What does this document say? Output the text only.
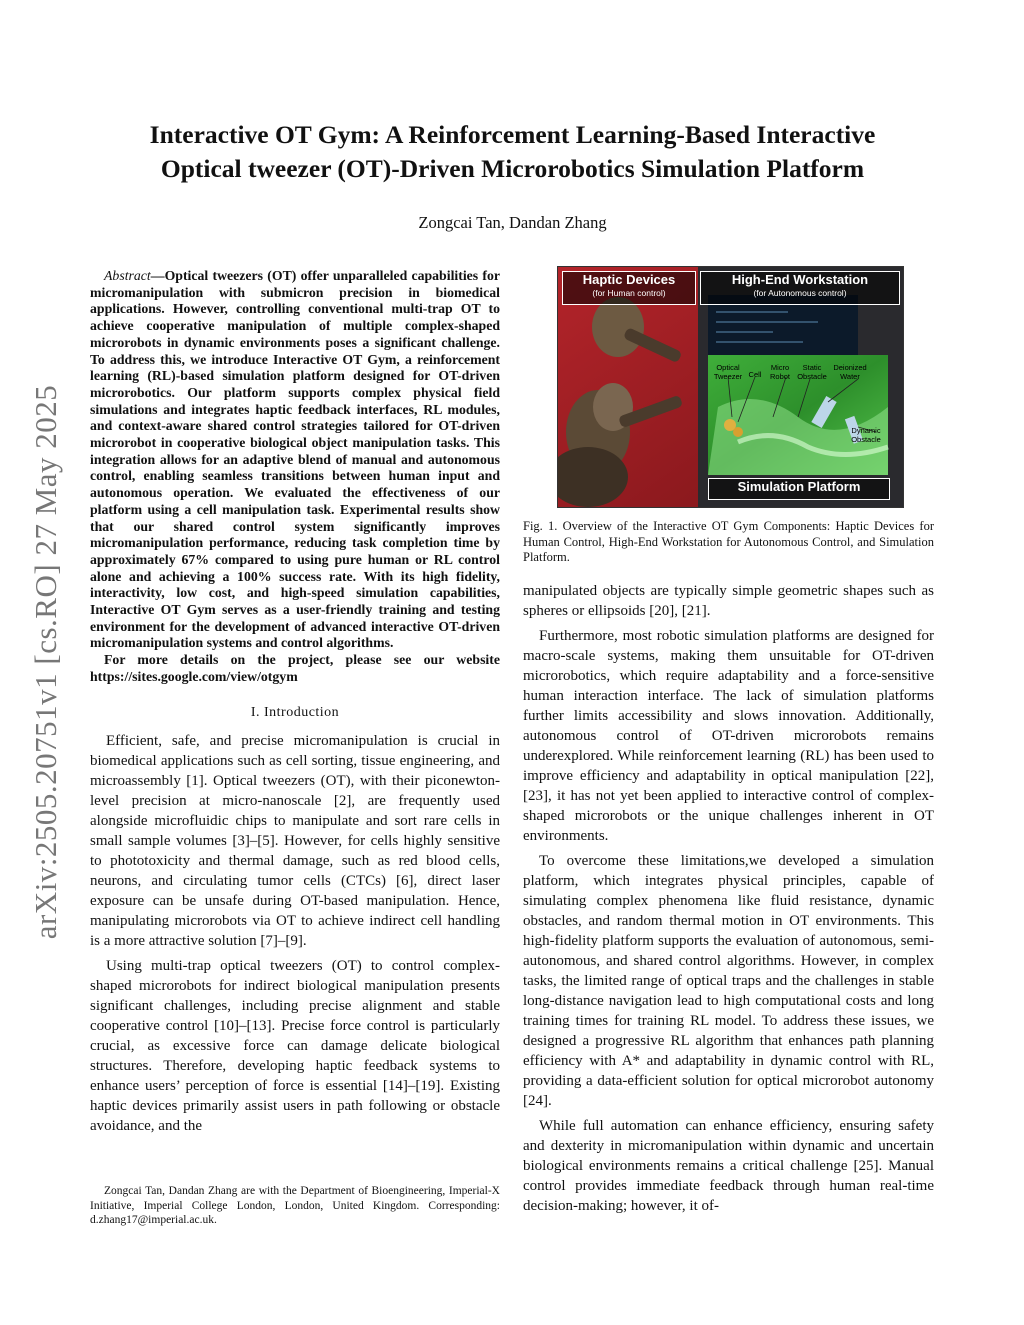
arXiv:2505.20751v1 [cs.RO] 27 May 2025
Interactive OT Gym: A Reinforcement Learning-Based Interactive
Optical tweezer (OT)-Driven Microrobotics Simulation Platform
Zongcai Tan, Dandan Zhang

Abstract—Optical tweezers (OT) offer unparalleled capabilities for micromanipulation with submicron precision in biomedical applications. However, controlling conventional multi-trap OT to achieve cooperative manipulation of multiple complex-shaped microrobots in dynamic environments poses a significant challenge. To address this, we introduce Interactive OT Gym, a reinforcement learning (RL)-based simulation platform designed for OT-driven microrobotics. Our platform supports complex physical field simulations and integrates haptic feedback interfaces, RL modules, and context-aware shared control strategies tailored for OT-driven microrobot in cooperative biological object manipulation tasks. This integration allows for an adaptive blend of manual and autonomous control, enabling seamless transitions between human input and autonomous operation. We evaluated the effectiveness of our platform using a cell manipulation task. Experimental results show that our shared control system significantly improves micromanipulation performance, reducing task completion time by approximately 67% compared to using pure human or RL control alone and achieving a 100% success rate. With its high fidelity, interactivity, low cost, and high-speed simulation capabilities, Interactive OT Gym serves as a user-friendly training and testing environment for the development of advanced interactive OT-driven micromanipulation systems and control algorithms.

For more details on the project, please see our website https://sites.google.com/view/otgym

I. Introduction

Efficient, safe, and precise micromanipulation is crucial in biomedical applications such as cell sorting, tissue engineering, and microassembly [1]. Optical tweezers (OT), with their piconewton-level precision at micro-nanoscale [2], are frequently used alongside microfluidic chips to manipulate and sort rare cells in small sample volumes [3]–[5]. However, for cells highly sensitive to phototoxicity and thermal damage, such as red blood cells, neurons, and circulating tumor cells (CTCs) [6], direct laser exposure can be unsafe during OT-based manipulation. Hence, manipulating microrobots via OT to achieve indirect cell handling is a more attractive solution [7]–[9].

Using multi-trap optical tweezers (OT) to control complex-shaped microrobots for indirect biological manipulation presents significant challenges, including precise alignment and stable cooperative control [10]–[13]. Precise force control is particularly crucial, as excessive force can damage delicate biological structures. Therefore, developing haptic feedback systems to enhance users’ perception of force is essential [14]–[19]. Existing haptic devices primarily assist users in path following or obstacle avoidance, and the

Zongcai Tan, Dandan Zhang are with the Department of Bioengineering, Imperial-X Initiative, Imperial College London, London, United Kingdom. Corresponding: d.zhang17@imperial.ac.uk.
Haptic Devices
(for Human control)
High-End Workstation
(for Autonomous control)
Simulation Platform
Optical Tweezer Cell
Micro Robot
Static Obstacle
Deionized Water
Dynamic Obstacle
Fig. 1. Overview of the Interactive OT Gym Components: Haptic Devices for Human Control, High-End Workstation for Autonomous Control, and Simulation Platform.

manipulated objects are typically simple geometric shapes such as spheres or ellipsoids [20], [21].

Furthermore, most robotic simulation platforms are designed for macro-scale systems, making them unsuitable for OT-driven microrobotics, which require adaptability and a force-sensitive human interaction interface. The lack of simulation platforms further limits accessibility and slows innovation. Additionally, autonomous control of OT-driven microrobots remains underexplored. While reinforcement learning (RL) has been used to improve efficiency and adaptability in optical manipulation [22], [23], it has not yet been applied to interactive control of complex-shaped microrobots or the unique challenges inherent in OT environments.

To overcome these limitations,we developed a simulation platform, which integrates physical principles, capable of simulating complex phenomena like fluid resistance, dynamic obstacles, and random thermal motion in OT environments. This high-fidelity platform supports the evaluation of autonomous, semi-autonomous, and shared control algorithms. However, in complex tasks, the limited range of optical traps and the challenges in stable long-distance navigation lead to high computational costs and long training times for training RL model. To address these issues, we designed a progressive RL algorithm that enhances path planning efficiency with A* and adaptability in dynamic control with RL, providing a data-efficient solution for optical microrobot autonomy [24].

While full automation can enhance efficiency, ensuring safety and dexterity in micromanipulation within dynamic and uncertain biological environments remains a critical challenge [25]. Manual control provides immediate feedback through human real-time decision-making; however, it of-
